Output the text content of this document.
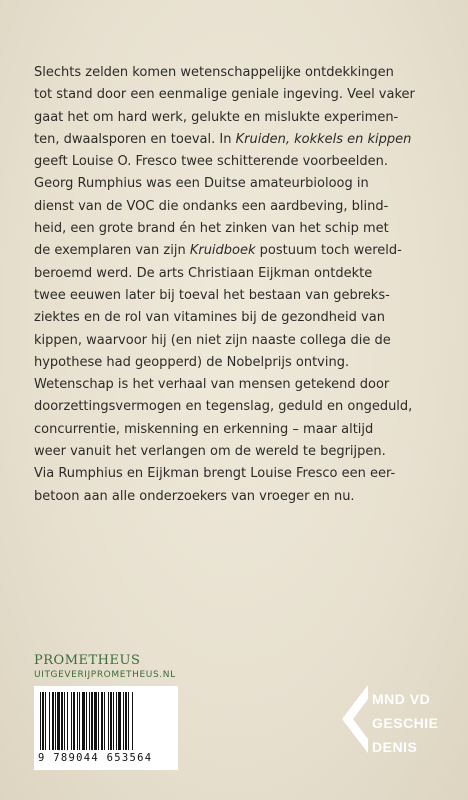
Slechts zelden komen wetenschappelijke ontdekkingen

tot stand door een eenmalige geniale ingeving. Veel vaker

gaat het om hard werk, gelukte en mislukte experimen-

ten, dwaalsporen en toeval. In Kruiden, kokkels en kippen

geeft Louise O. Fresco twee schitterende voorbeelden.

Georg Rumphius was een Duitse amateurbioloog in

dienst van de VOC die ondanks een aardbeving, blind-

heid, een grote brand én het zinken van het schip met

de exemplaren van zijn Kruidboek postuum toch wereld-

beroemd werd. De arts Christiaan Eijkman ontdekte

twee eeuwen later bij toeval het bestaan van gebreks-

ziektes en de rol van vitamines bij de gezondheid van

kippen, waarvoor hij (en niet zijn naaste collega die de

hypothese had geopperd) de Nobelprijs ontving.

Wetenschap is het verhaal van mensen getekend door

doorzettingsvermogen en tegenslag, geduld en ongeduld,

concurrentie, miskenning en erkenning – maar altijd

weer vanuit het verlangen om de wereld te begrijpen.

Via Rumphius en Eijkman brengt Louise Fresco een eer-

betoon aan alle onderzoekers van vroeger en nu.

PROMETHEUS
UITGEVERIJPROMETHEUS.NL
9 789044 653564
MND VD
GESCHIE
DENIS
